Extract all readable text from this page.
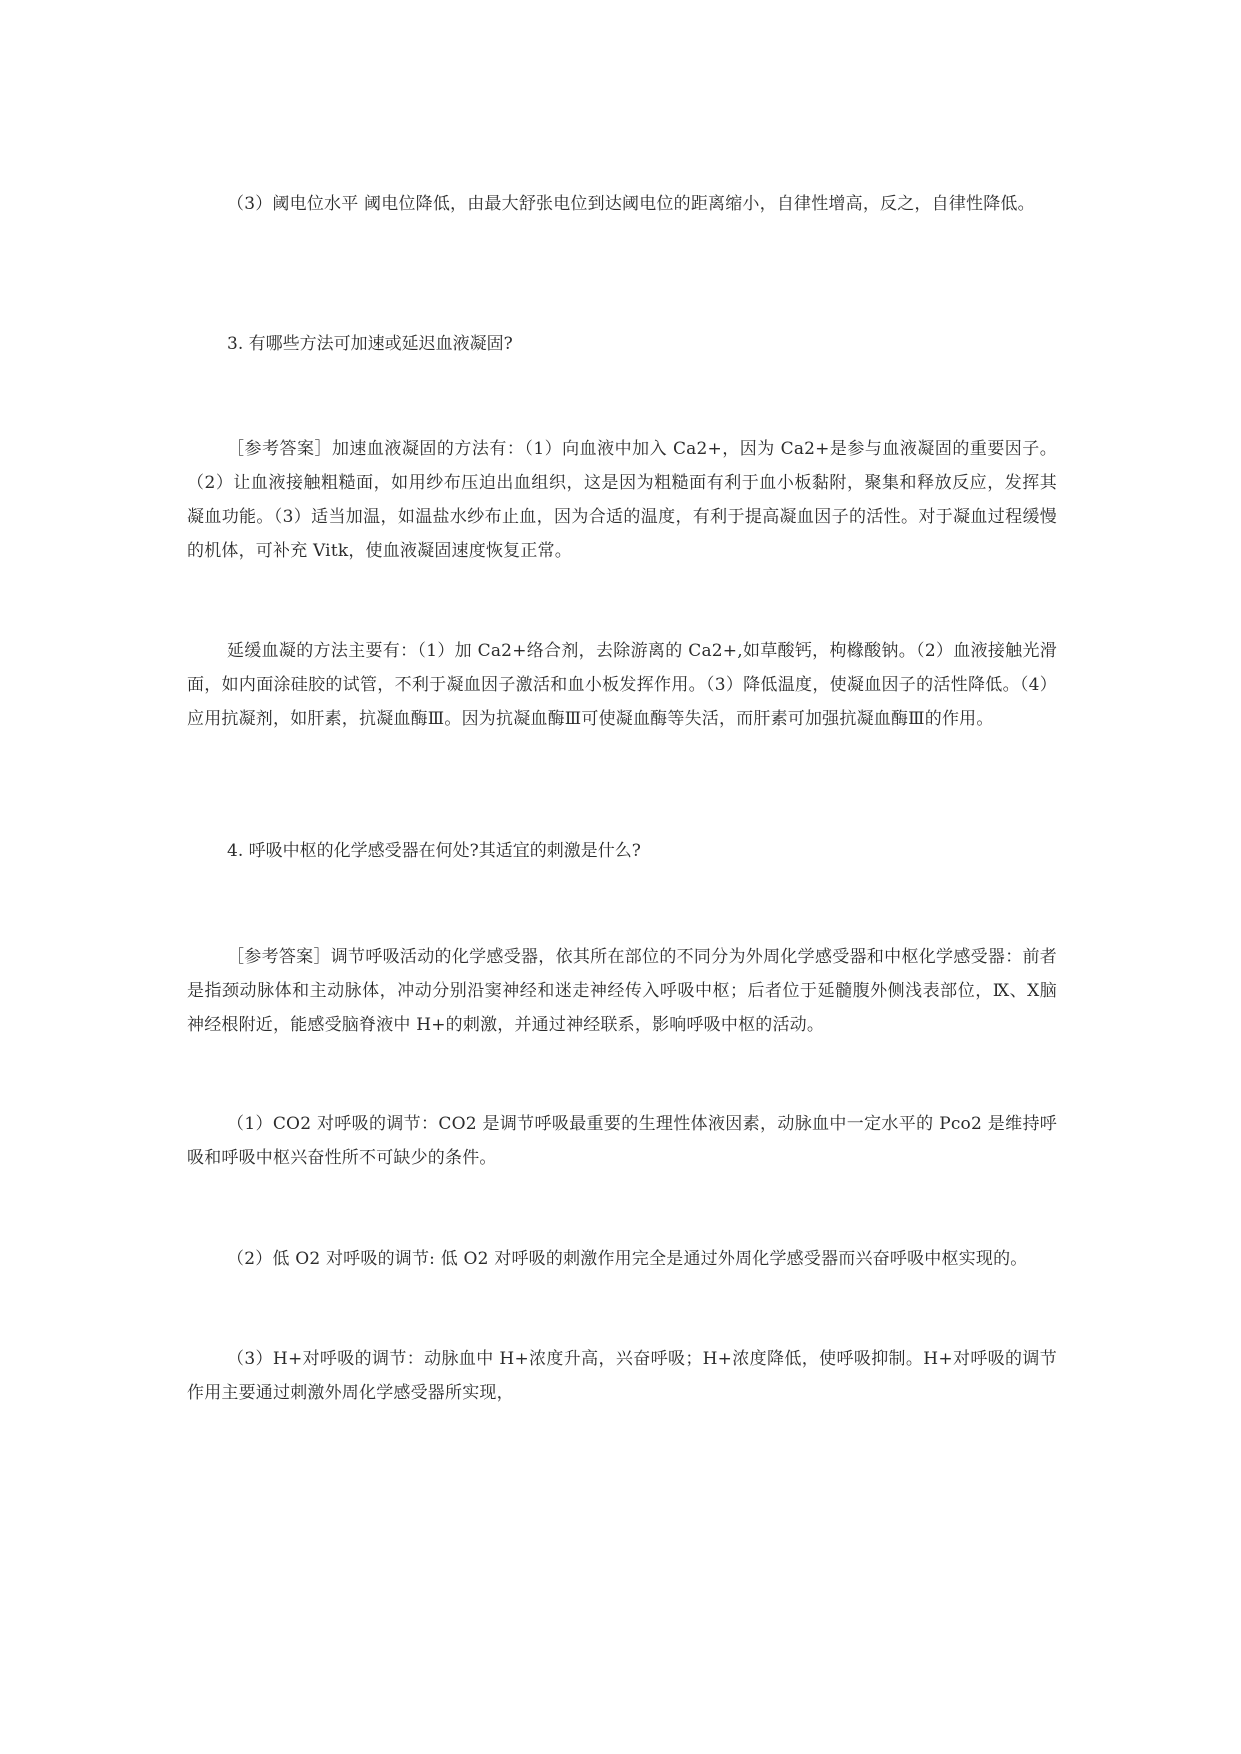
（3）阈电位水平 阈电位降低，由最大舒张电位到达阈电位的距离缩小，自律性增高，反之，自律性降低。

3. 有哪些方法可加速或延迟血液凝固?

［参考答案］加速血液凝固的方法有：（1）向血液中加入 Ca2+，因为 Ca2+是参与血液凝固的重要因子。（2）让血液接触粗糙面，如用纱布压迫出血组织，这是因为粗糙面有利于血小板黏附，聚集和释放反应，发挥其凝血功能。（3）适当加温，如温盐水纱布止血，因为合适的温度，有利于提高凝血因子的活性。对于凝血过程缓慢的机体，可补充 Vitk，使血液凝固速度恢复正常。

延缓血凝的方法主要有：（1）加 Ca2+络合剂，去除游离的 Ca2+,如草酸钙，枸橼酸钠。（2）血液接触光滑面，如内面涂硅胶的试管，不利于凝血因子激活和血小板发挥作用。（3）降低温度，使凝血因子的活性降低。（4）应用抗凝剂，如肝素，抗凝血酶Ⅲ。因为抗凝血酶Ⅲ可使凝血酶等失活，而肝素可加强抗凝血酶Ⅲ的作用。

4. 呼吸中枢的化学感受器在何处?其适宜的刺激是什么?

［参考答案］调节呼吸活动的化学感受器，依其所在部位的不同分为外周化学感受器和中枢化学感受器：前者是指颈动脉体和主动脉体，冲动分别沿窦神经和迷走神经传入呼吸中枢；后者位于延髓腹外侧浅表部位，Ⅸ、Ⅹ脑神经根附近，能感受脑脊液中 H+的刺激，并通过神经联系，影响呼吸中枢的活动。

（1）CO2 对呼吸的调节：CO2 是调节呼吸最重要的生理性体液因素，动脉血中一定水平的 Pco2 是维持呼吸和呼吸中枢兴奋性所不可缺少的条件。

（2）低 O2 对呼吸的调节: 低 O2 对呼吸的刺激作用完全是通过外周化学感受器而兴奋呼吸中枢实现的。

（3）H+对呼吸的调节：动脉血中 H+浓度升高，兴奋呼吸；H+浓度降低，使呼吸抑制。H+对呼吸的调节作用主要通过刺激外周化学感受器所实现，
